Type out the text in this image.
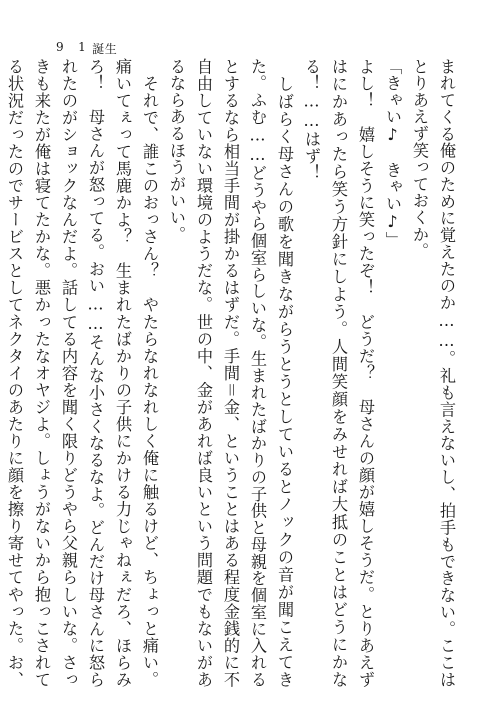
9 1 誕生

まれてくる俺のために覚えたのか……。礼も言えないし、拍手もできない。ここはとりあえず笑っておくか。

「きゃい♪　きゃい♪」

よし！　嬉しそうに笑ったぞ！　どうだ？　母さんの顔が嬉しそうだ。とりあえずはにかあったら笑う方針にしよう。人間笑顔をみせれば大抵のことはどうにかなる！……はず！

　しばらく母さんの歌を聞きながらうとうとしているとノックの音が聞こえてきた。ふむ……どうやら個室らしいな。生まれたばかりの子供と母親を個室に入れるとするなら相当手間が掛かるはずだ。手間＝金、ということはある程度金銭的に不自由していない環境のようだな。世の中、金があれば良いという問題でもないがあるならあるほうがいい。

　それで、誰このおっさん？　やたらなれなれしく俺に触るけど、ちょっと痛い。痛いてぇって馬鹿かよ？　生まれたばかりの子供にかける力じゃねぇだろ、ほらみろ！　母さんが怒ってる。おい……そんな小さくなるなよ。どんだけ母さんに怒られたのがショックなんだよ。話してる内容を聞く限りどうやら父親らしいな。さっきも来たが俺は寝てたかな。悪かったなオヤジよ。しょうがないから抱っこされてる状況だったのでサービスとしてネクタイのあたりに顔を擦り寄せてやった。お、　
